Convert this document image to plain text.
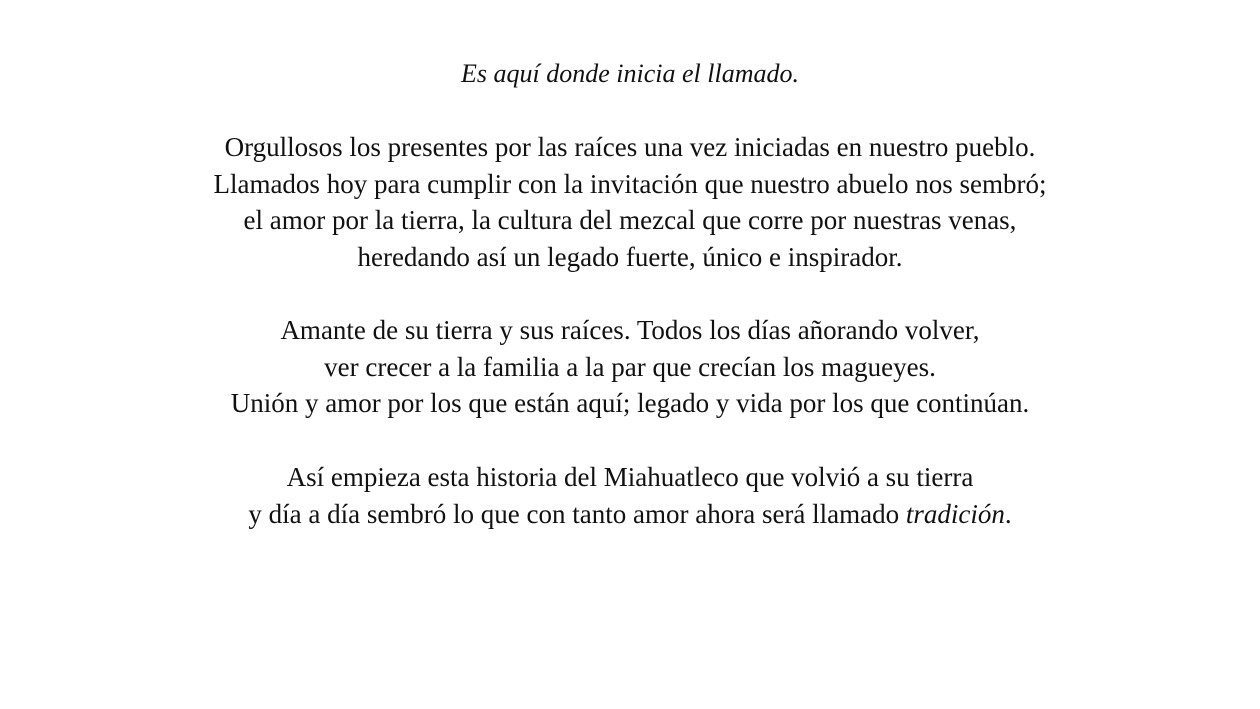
Es aquí donde inicia el llamado.
Orgullosos los presentes por las raíces una vez iniciadas en nuestro pueblo.
Llamados hoy para cumplir con la invitación que nuestro abuelo nos sembró;
el amor por la tierra, la cultura del mezcal que corre por nuestras venas,
heredando así un legado fuerte, único e inspirador.
Amante de su tierra y sus raíces. Todos los días añorando volver,
ver crecer a la familia a la par que crecían los magueyes.
Unión y amor por los que están aquí; legado y vida por los que continúan.
Así empieza esta historia del Miahuatleco que volvió a su tierra
y día a día sembró lo que con tanto amor ahora será llamado tradición.
